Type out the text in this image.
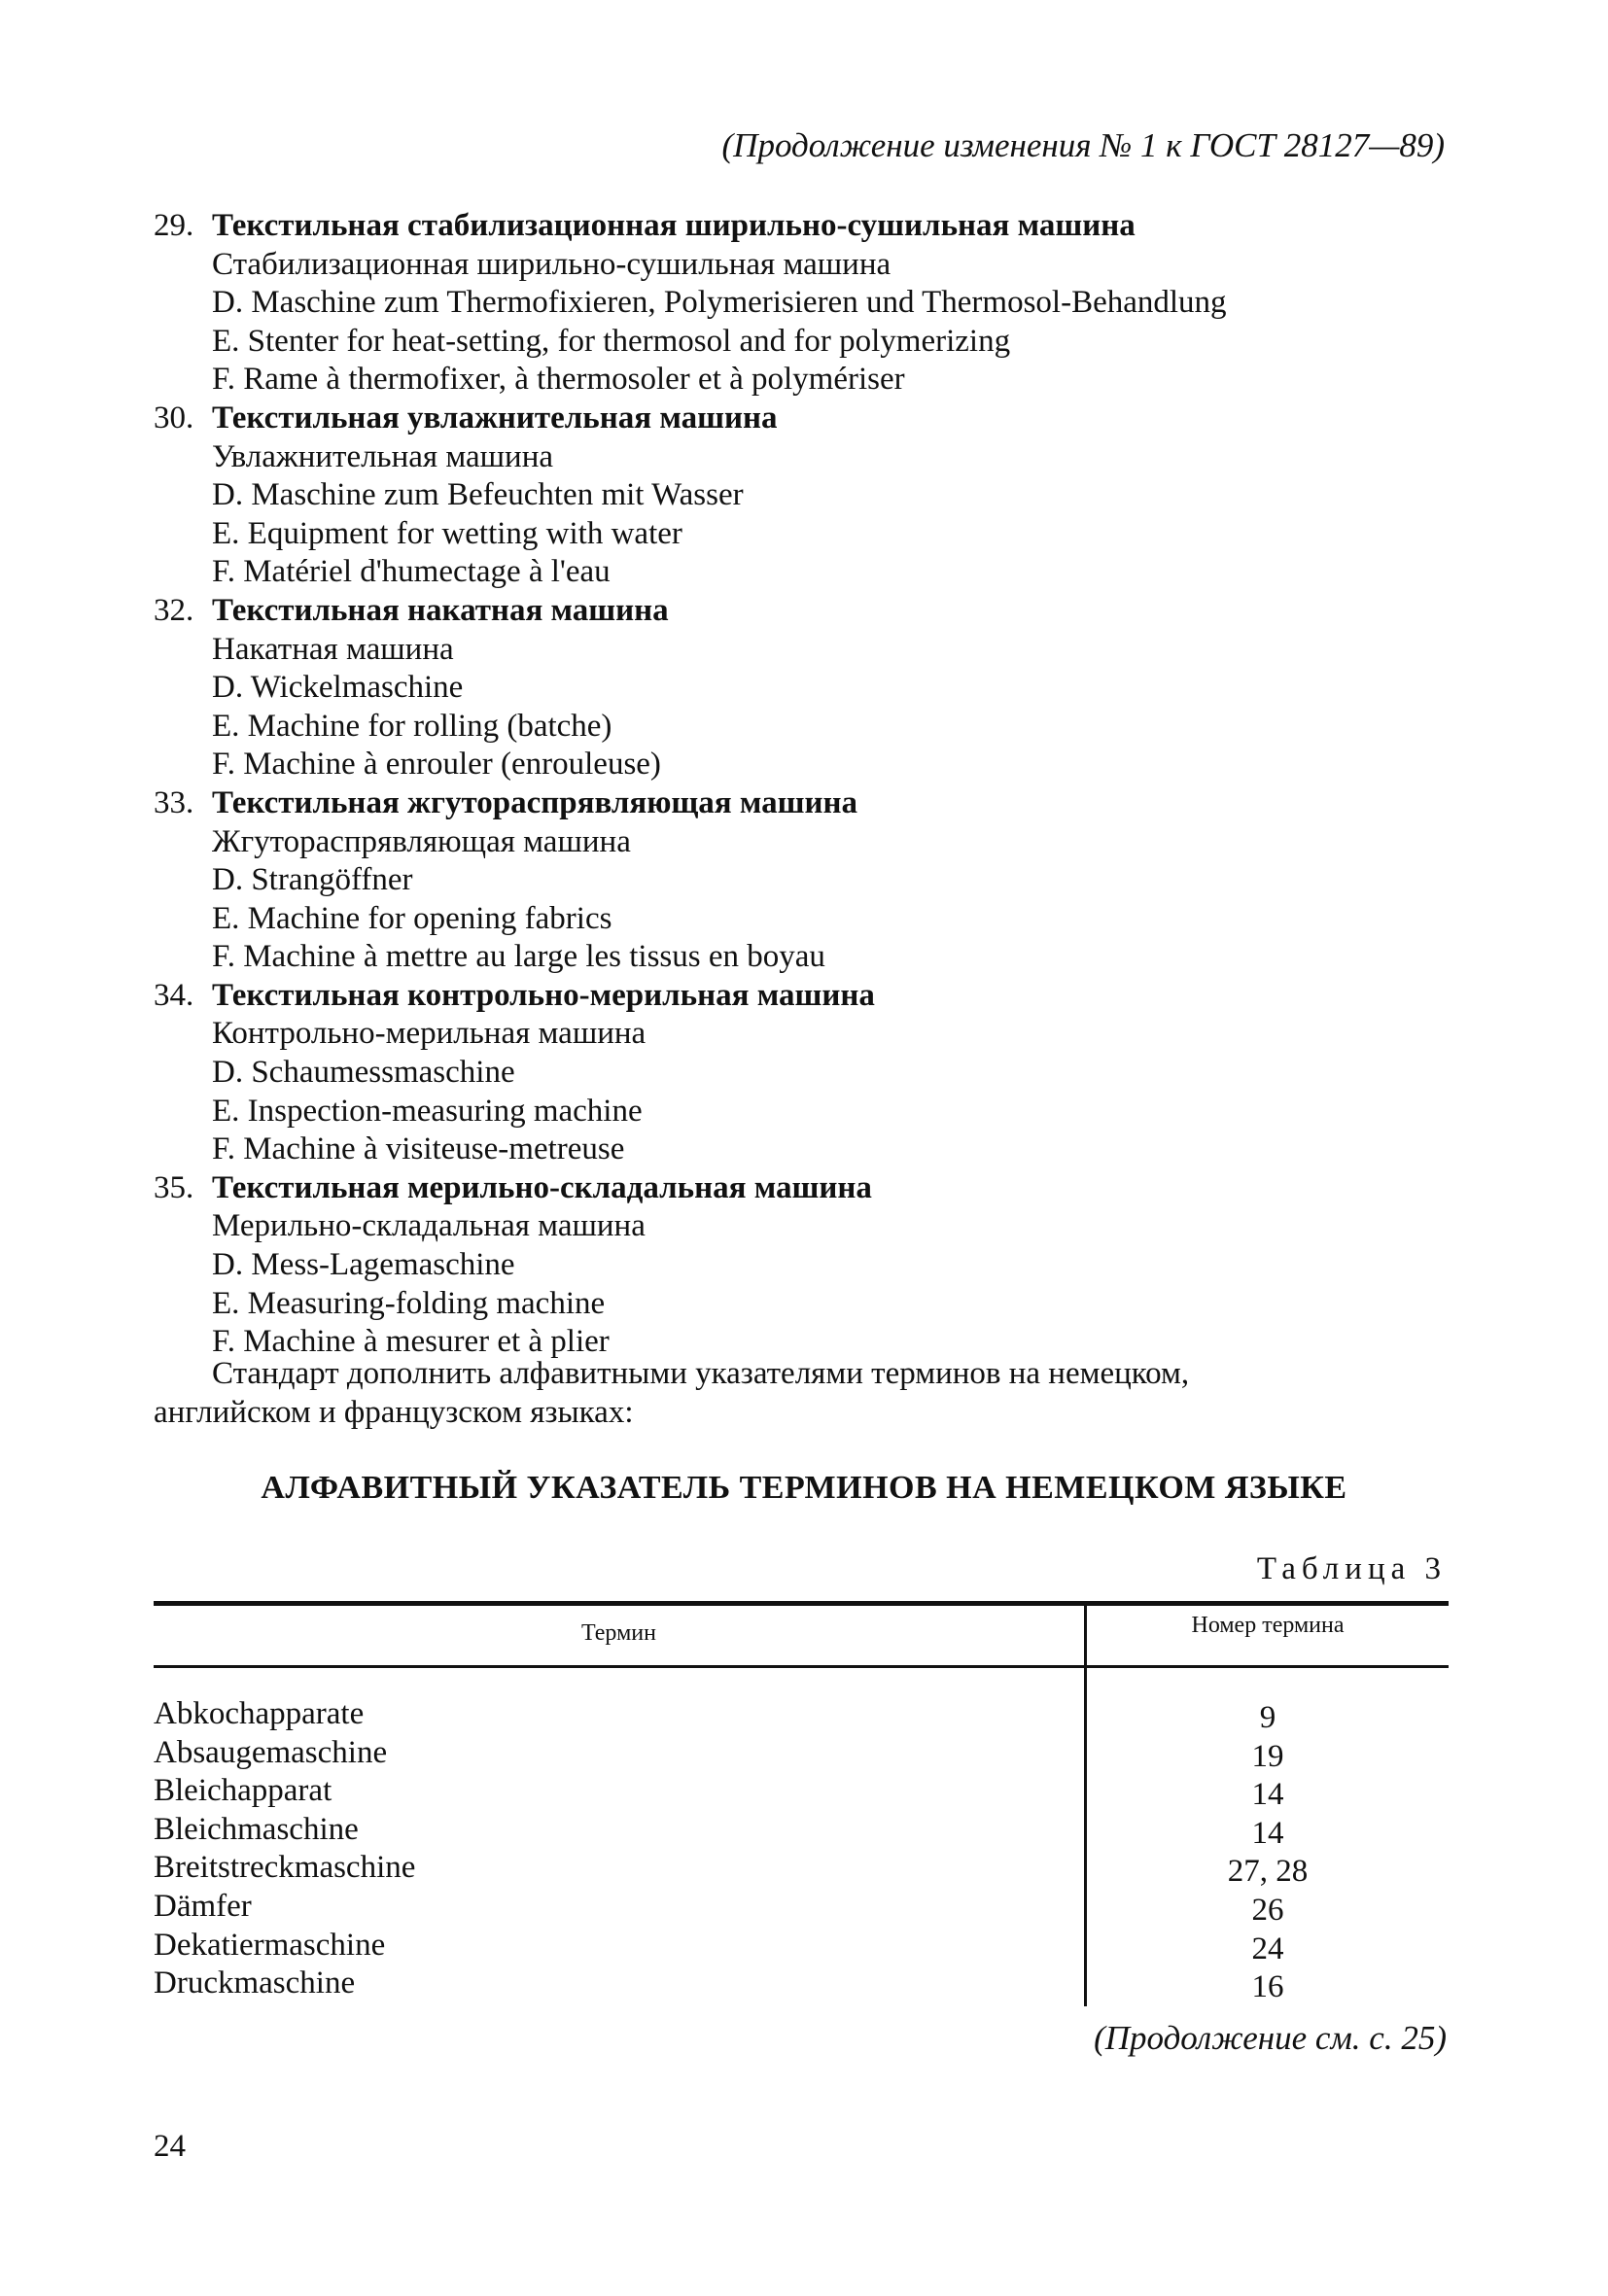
(Продолжение изменения № 1 к ГОСТ 28127—89)
29. Текстильная стабилизационная ширильно-сушильная машина
Стабилизационная ширильно-сушильная машина
D. Maschine zum Thermofixieren, Polymerisieren und Thermosol-Behandlung
E. Stenter for heat-setting, for thermosol and for polymerizing
F. Rame à thermofixer, à thermosoler et à polymériser
30. Текстильная увлажнительная машина
Увлажнительная машина
D. Maschine zum Befeuchten mit Wasser
E. Equipment for wetting with water
F. Matériel d'humectage à l'eau
32. Текстильная накатная машина
Накатная машина
D. Wickelmaschine
E. Machine for rolling (batche)
F. Machine à enrouler (enrouleuse)
33. Текстильная жгутораспрявляющая машина
Жгутораспрявляющая машина
D. Strangöffner
E. Machine for opening fabrics
F. Machine à mettre au large les tissus en boyau
34. Текстильная контрольно-мерильная машина
Контрольно-мерильная машина
D. Schaumessmaschine
E. Inspection-measuring machine
F. Machine à visiteuse-metreuse
35. Текстильная мерильно-складальная машина
Мерильно-складальная машина
D. Mess-Lagemaschine
E. Measuring-folding machine
F. Machine à mesurer et à plier
Стандарт дополнить алфавитными указателями терминов на немецком,
английском и французском языках:
АЛФАВИТНЫЙ УКАЗАТЕЛЬ ТЕРМИНОВ НА НЕМЕЦКОМ ЯЗЫКЕ
Таблица 3
Термин	Номер термина
Abkochapparate	9
Absaugemaschine	19
Bleichapparat	14
Bleichmaschine	14
Breitstreckmaschine	27, 28
Dämfer	26
Dekatiermaschine	24
Druckmaschine	16
(Продолжение см. с. 25)
24
